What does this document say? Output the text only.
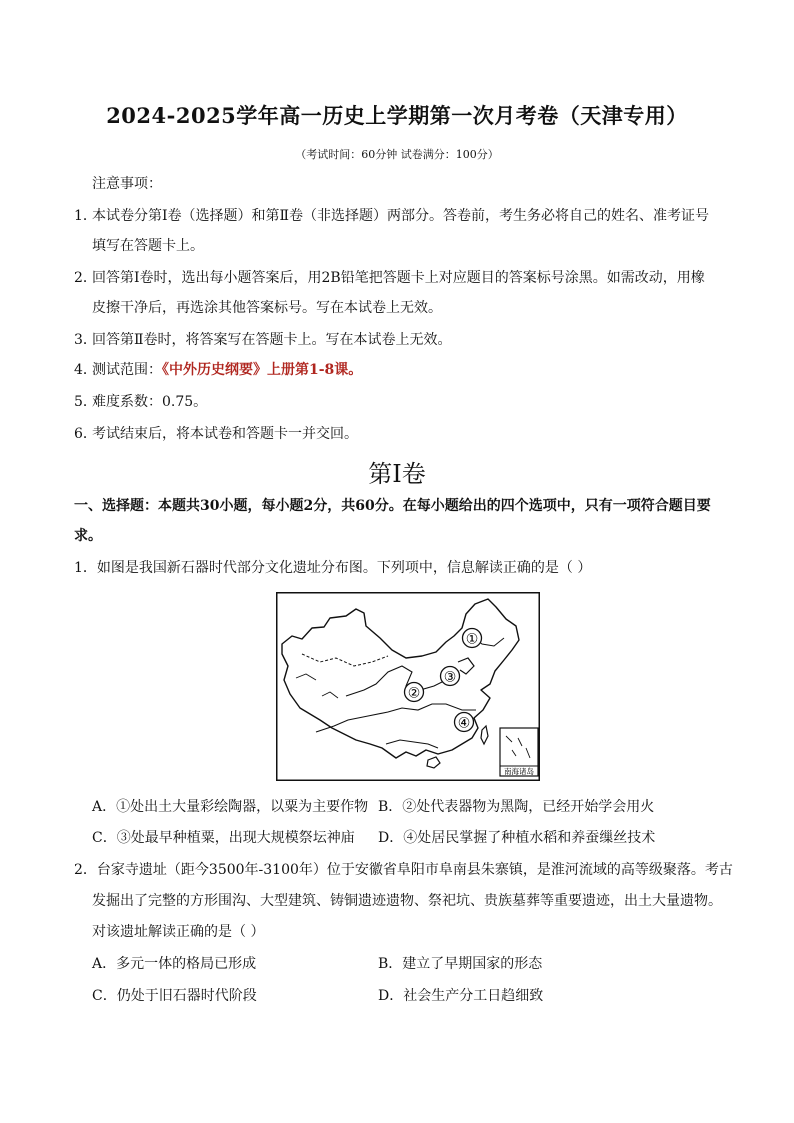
2024-2025学年高一历史上学期第一次月考卷（天津专用）
（考试时间：60分钟 试卷满分：100分）
注意事项：
1．
本试卷分第Ⅰ卷（选择题）和第Ⅱ卷（非选择题）两部分。答卷前，考生务必将自己的姓名、准考证号
填写在答题卡上。
2．
回答第Ⅰ卷时，选出每小题答案后，用2B铅笔把答题卡上对应题目的答案标号涂黑。如需改动，用橡
皮擦干净后，再选涂其他答案标号。写在本试卷上无效。
3．
回答第Ⅱ卷时，将答案写在答题卡上。写在本试卷上无效。
4．
测试范围：《中外历史纲要》上册第1-8课。
5．
难度系数：0.75。
6．
考试结束后，将本试卷和答题卡一并交回。
第Ⅰ卷
一、选择题：本题共30小题，每小题2分，共60分。在每小题给出的四个选项中，只有一项符合题目要
求。
1．如图是我国新石器时代部分文化遗址分布图。下列项中，信息解读正确的是（ ）
①
②
③
④
南海诸岛
A．①处出土大量彩绘陶器，以粟为主要作物 B．②处代表器物为黑陶，已经开始学会用火
C．③处最早种植粟，出现大规模祭坛神庙 D．④处居民掌握了种植水稻和养蚕缫丝技术
2．台家寺遗址（距今3500年-3100年）位于安徽省阜阳市阜南县朱寨镇，是淮河流域的高等级聚落。考古
发掘出了完整的方形围沟、大型建筑、铸铜遗迹遗物、祭祀坑、贵族墓葬等重要遗迹，出土大量遗物。
对该遗址解读正确的是（ ）
A．多元一体的格局已形成	B．建立了早期国家的形态
C．仍处于旧石器时代阶段	D．社会生产分工日趋细致
